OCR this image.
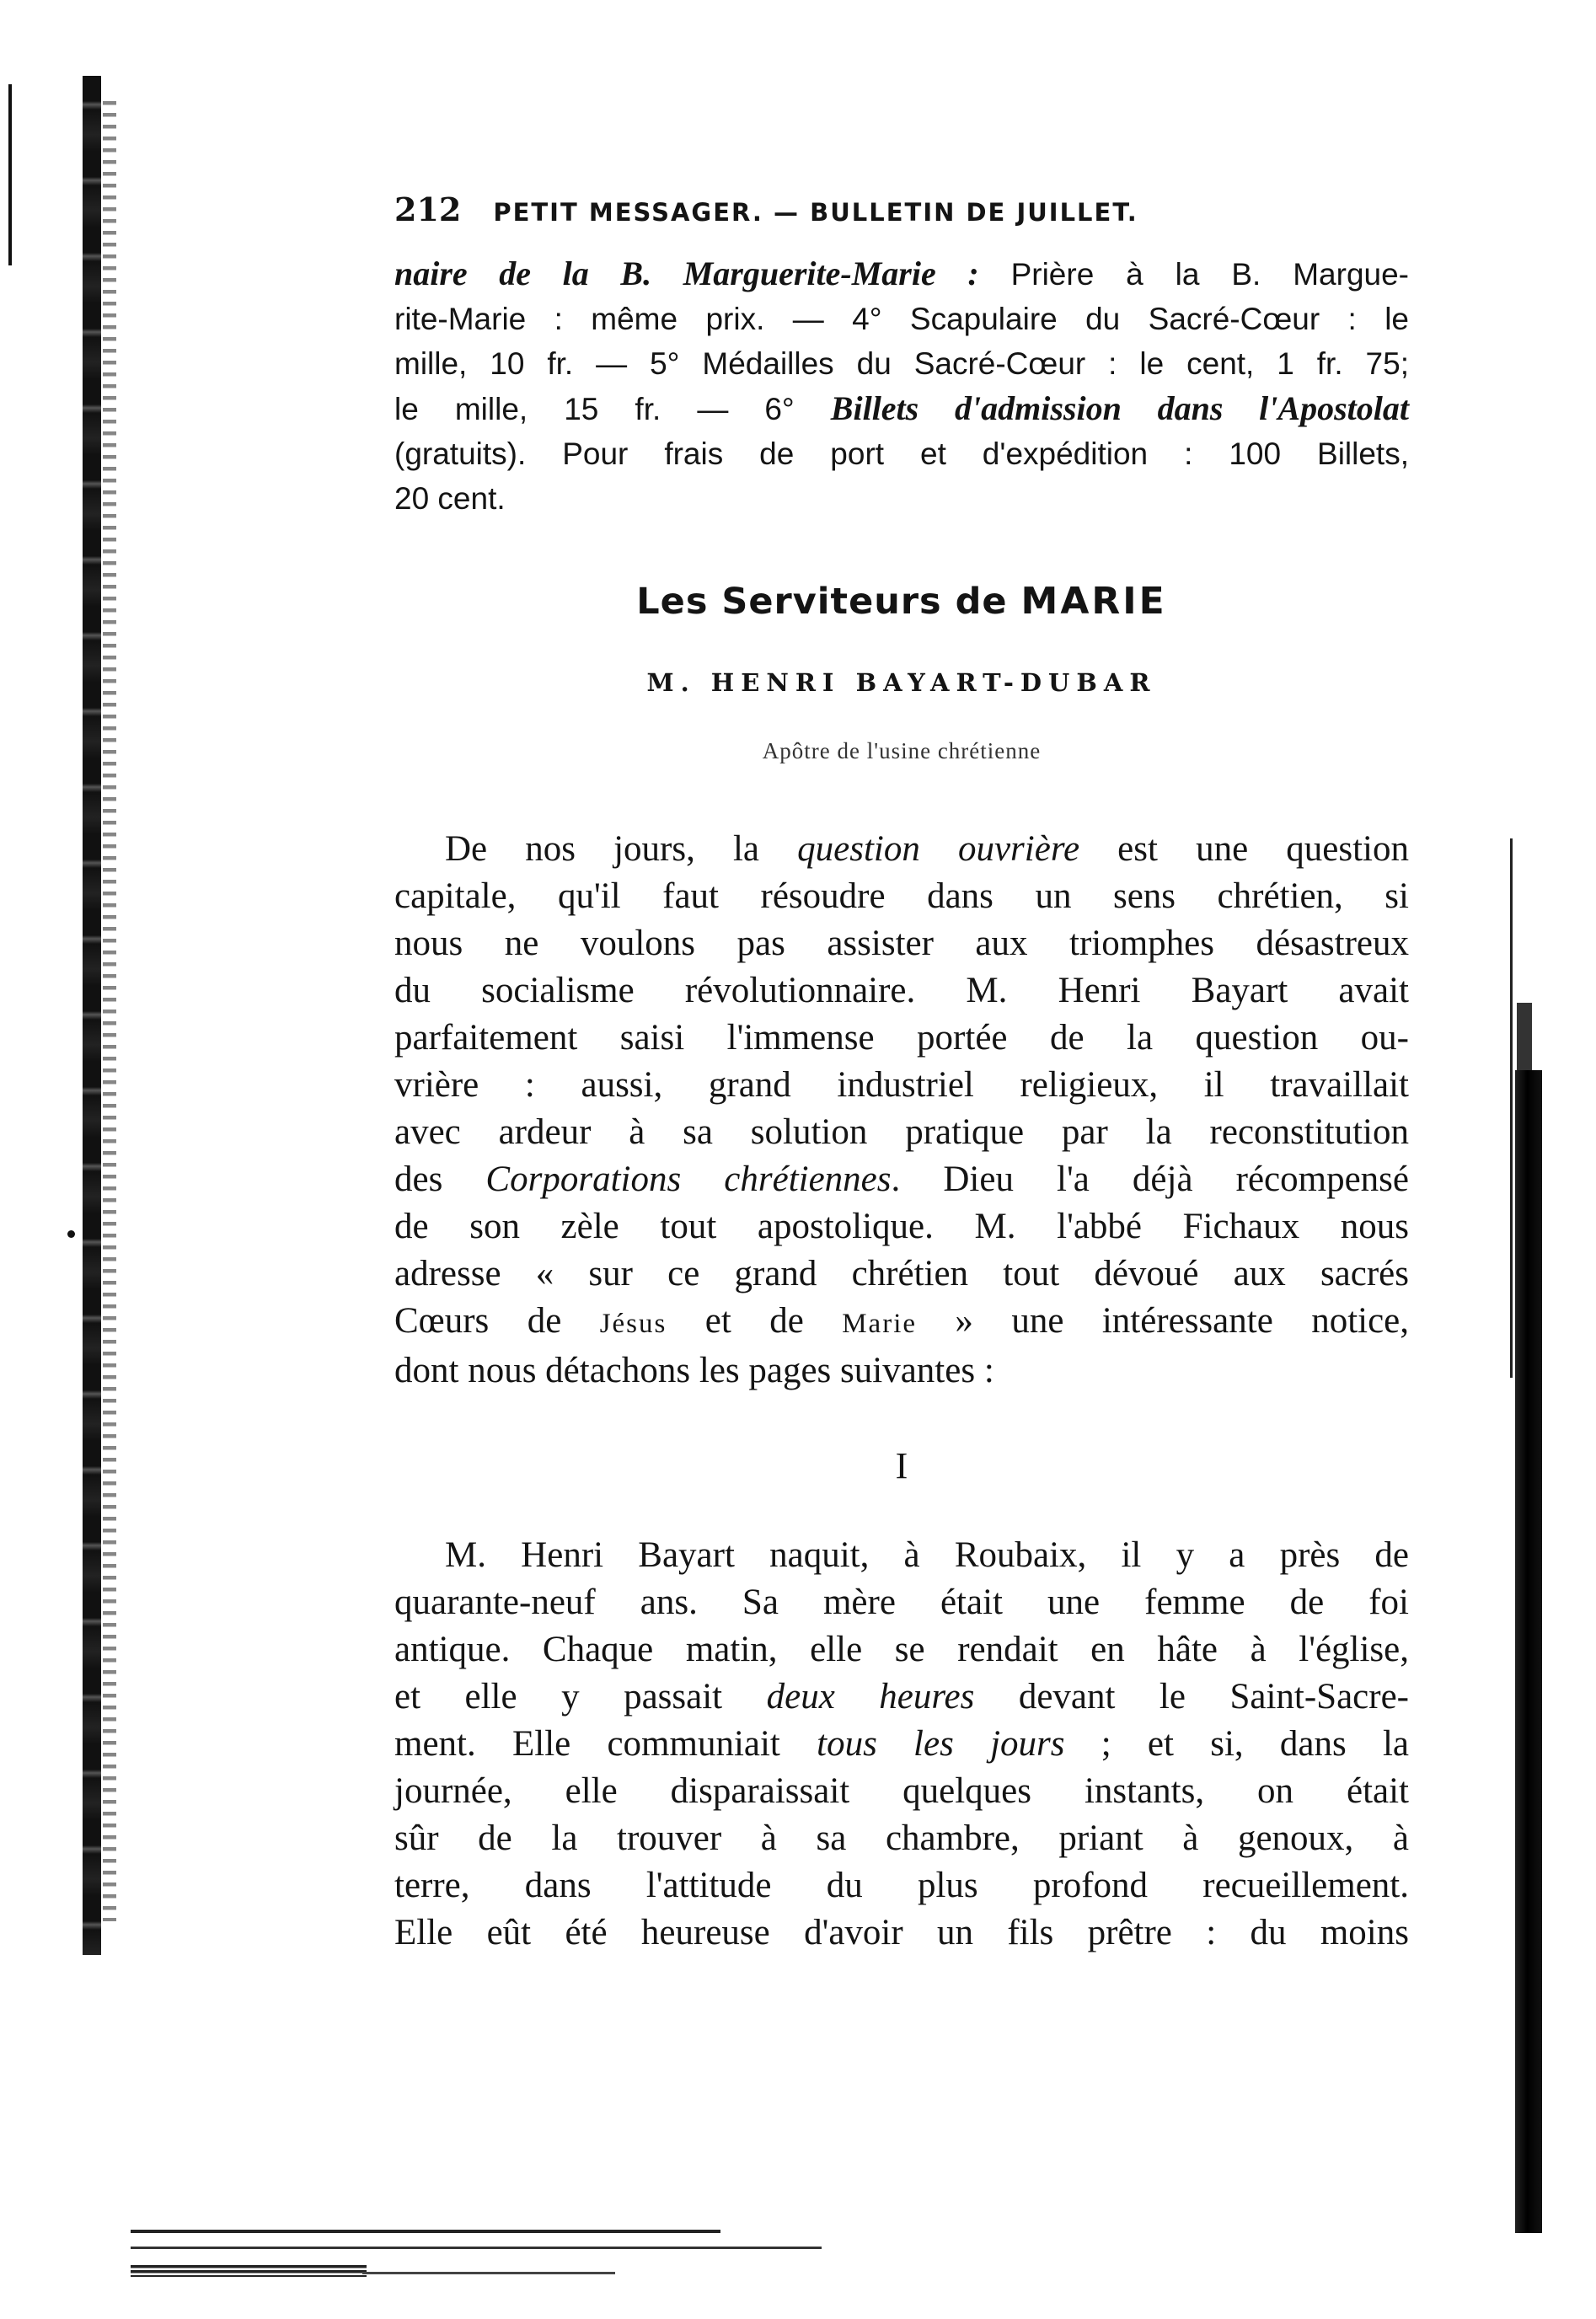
212 PETIT MESSAGER. — BULLETIN DE JUILLET.
naire de la B. Marguerite-Marie : Prière à la B. Margue-
rite-Marie : même prix. — 4° Scapulaire du Sacré-Cœur : le
mille, 10 fr. — 5° Médailles du Sacré-Cœur : le cent, 1 fr. 75;
le mille, 15 fr. — 6° Billets d'admission dans l'Apostolat
(gratuits). Pour frais de port et d'expédition : 100 Billets,
20 cent.
Les Serviteurs de MARIE
M. HENRI BAYART-DUBAR
Apôtre de l'usine chrétienne
De nos jours, la question ouvrière est une question
capitale, qu'il faut résoudre dans un sens chrétien, si
nous ne voulons pas assister aux triomphes désastreux
du socialisme révolutionnaire. M. Henri Bayart avait
parfaitement saisi l'immense portée de la question ou-
vrière : aussi, grand industriel religieux, il travaillait
avec ardeur à sa solution pratique par la reconstitution
des Corporations chrétiennes. Dieu l'a déjà récompensé
de son zèle tout apostolique. M. l'abbé Fichaux nous
adresse « sur ce grand chrétien tout dévoué aux sacrés
Cœurs de Jésus et de Marie » une intéressante notice,
dont nous détachons les pages suivantes :
I
M. Henri Bayart naquit, à Roubaix, il y a près de
quarante-neuf ans. Sa mère était une femme de foi
antique. Chaque matin, elle se rendait en hâte à l'église,
et elle y passait deux heures devant le Saint-Sacre-
ment. Elle communiait tous les jours ; et si, dans la
journée, elle disparaissait quelques instants, on était
sûr de la trouver à sa chambre, priant à genoux, à
terre, dans l'attitude du plus profond recueillement.
Elle eût été heureuse d'avoir un fils prêtre : du moins
